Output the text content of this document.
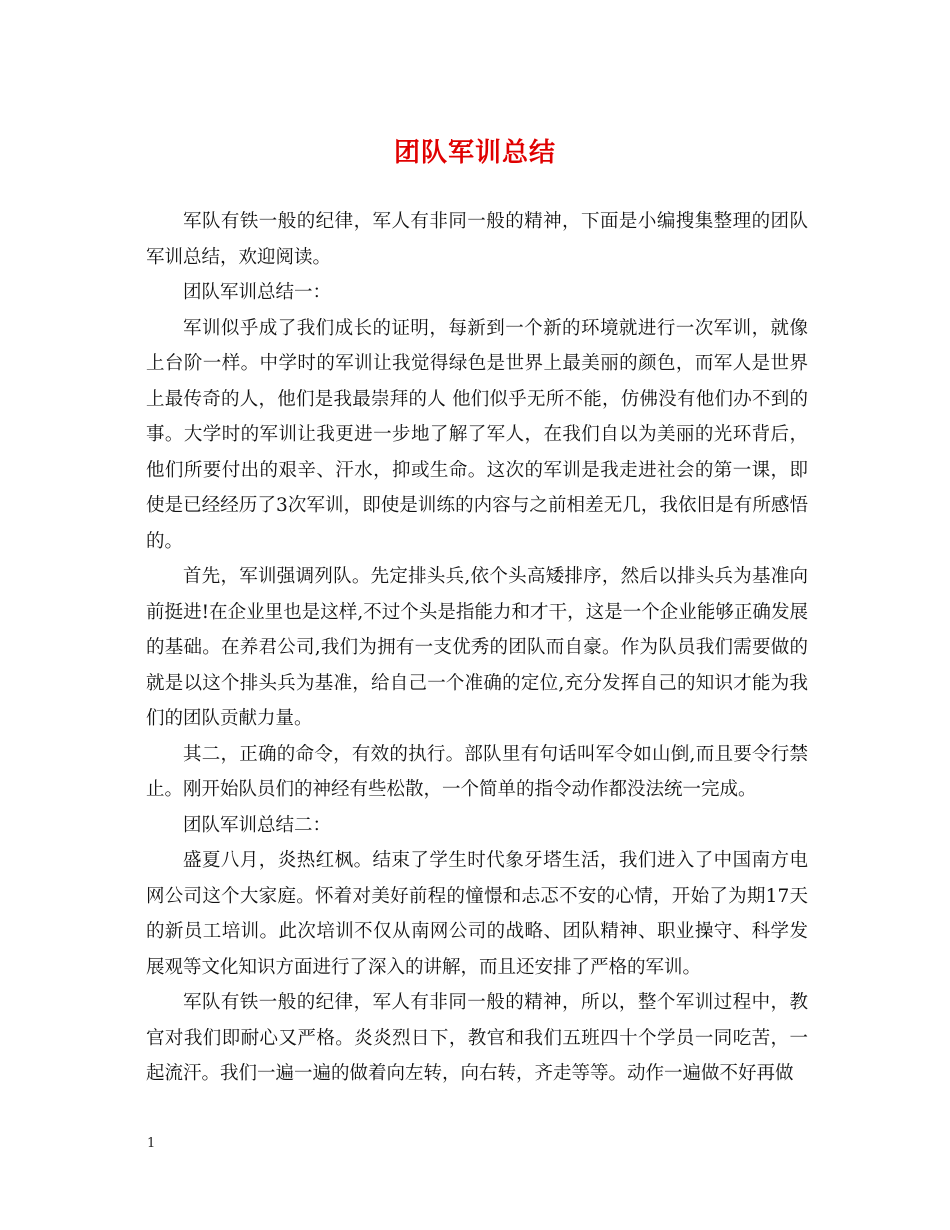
团队军训总结

军队有铁一般的纪律，军人有非同一般的精神，下面是小编搜集整理的团队军训总结，欢迎阅读。

团队军训总结一：

军训似乎成了我们成长的证明，每新到一个新的环境就进行一次军训，就像上台阶一样。中学时的军训让我觉得绿色是世界上最美丽的颜色，而军人是世界上最传奇的人，他们是我最崇拜的人 他们似乎无所不能，仿佛没有他们办不到的事。大学时的军训让我更进一步地了解了军人，在我们自以为美丽的光环背后，他们所要付出的艰辛、汗水，抑或生命。这次的军训是我走进社会的第一课，即使是已经经历了3次军训，即使是训练的内容与之前相差无几，我依旧是有所感悟的。

首先，军训强调列队。先定排头兵,依个头高矮排序，然后以排头兵为基准向前挺进!在企业里也是这样,不过个头是指能力和才干，这是一个企业能够正确发展的基础。在养君公司,我们为拥有一支优秀的团队而自豪。作为队员我们需要做的就是以这个排头兵为基准，给自己一个准确的定位,充分发挥自己的知识才能为我们的团队贡献力量。

其二，正确的命令，有效的执行。部队里有句话叫军令如山倒,而且要令行禁止。刚开始队员们的神经有些松散，一个简单的指令动作都没法统一完成。

团队军训总结二：

盛夏八月，炎热红枫。结束了学生时代象牙塔生活，我们进入了中国南方电网公司这个大家庭。怀着对美好前程的憧憬和忐忑不安的心情，开始了为期17天的新员工培训。此次培训不仅从南网公司的战略、团队精神、职业操守、科学发展观等文化知识方面进行了深入的讲解，而且还安排了严格的军训。

军队有铁一般的纪律，军人有非同一般的精神，所以，整个军训过程中，教官对我们即耐心又严格。炎炎烈日下，教官和我们五班四十个学员一同吃苦，一起流汗。我们一遍一遍的做着向左转，向右转，齐走等等。动作一遍做不好再做

1
